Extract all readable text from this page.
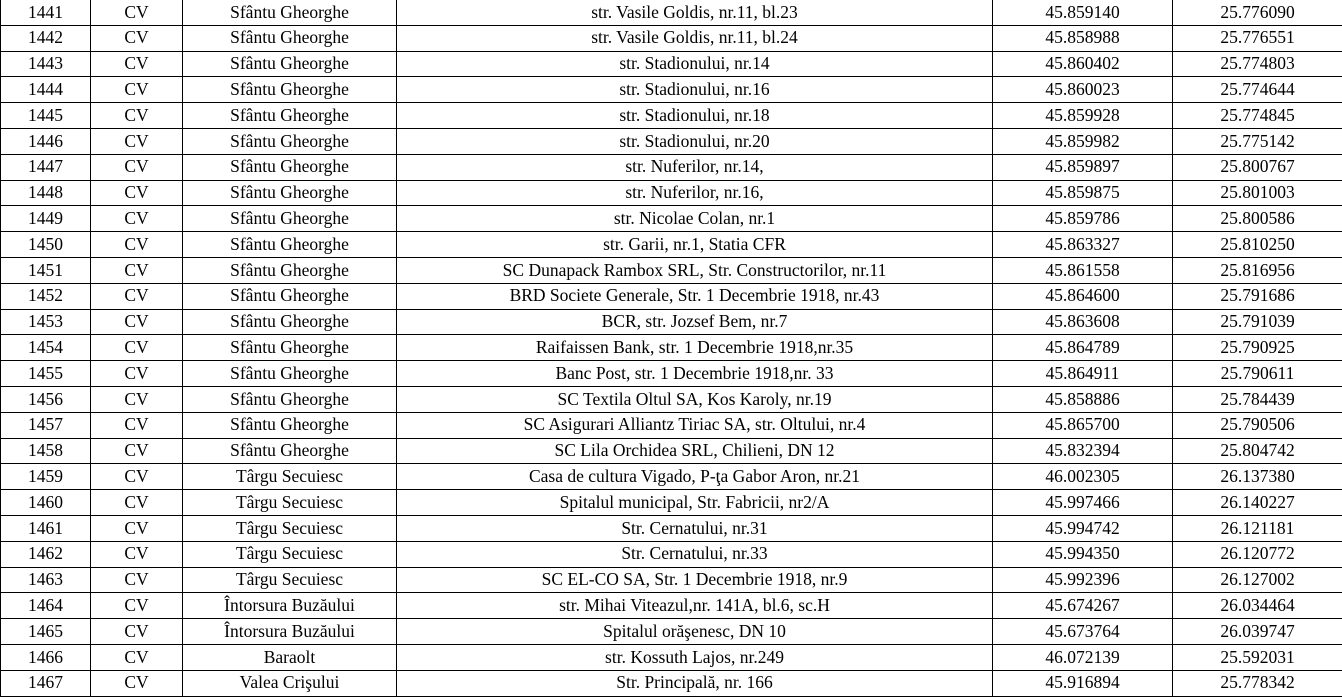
1441	CV	Sfântu Gheorghe	str. Vasile Goldis, nr.11, bl.23	45.859140	25.776090
1442	CV	Sfântu Gheorghe	str. Vasile Goldis, nr.11, bl.24	45.858988	25.776551
1443	CV	Sfântu Gheorghe	str. Stadionului, nr.14	45.860402	25.774803
1444	CV	Sfântu Gheorghe	str. Stadionului, nr.16	45.860023	25.774644
1445	CV	Sfântu Gheorghe	str. Stadionului, nr.18	45.859928	25.774845
1446	CV	Sfântu Gheorghe	str. Stadionului, nr.20	45.859982	25.775142
1447	CV	Sfântu Gheorghe	str. Nuferilor, nr.14,	45.859897	25.800767
1448	CV	Sfântu Gheorghe	str. Nuferilor, nr.16,	45.859875	25.801003
1449	CV	Sfântu Gheorghe	str. Nicolae Colan, nr.1	45.859786	25.800586
1450	CV	Sfântu Gheorghe	str. Garii, nr.1, Statia CFR	45.863327	25.810250
1451	CV	Sfântu Gheorghe	SC Dunapack Rambox SRL, Str. Constructorilor, nr.11	45.861558	25.816956
1452	CV	Sfântu Gheorghe	BRD Societe Generale, Str. 1 Decembrie 1918, nr.43	45.864600	25.791686
1453	CV	Sfântu Gheorghe	BCR, str. Jozsef Bem, nr.7	45.863608	25.791039
1454	CV	Sfântu Gheorghe	Raifaissen Bank, str. 1 Decembrie 1918,nr.35	45.864789	25.790925
1455	CV	Sfântu Gheorghe	Banc Post, str. 1 Decembrie 1918,nr. 33	45.864911	25.790611
1456	CV	Sfântu Gheorghe	SC Textila Oltul SA, Kos Karoly, nr.19	45.858886	25.784439
1457	CV	Sfântu Gheorghe	SC Asigurari Alliantz Tiriac SA, str. Oltului, nr.4	45.865700	25.790506
1458	CV	Sfântu Gheorghe	SC Lila Orchidea SRL, Chilieni, DN 12	45.832394	25.804742
1459	CV	Târgu Secuiesc	Casa de cultura Vigado, P-ţa Gabor Aron, nr.21	46.002305	26.137380
1460	CV	Târgu Secuiesc	Spitalul municipal, Str. Fabricii, nr2/A	45.997466	26.140227
1461	CV	Târgu Secuiesc	Str. Cernatului, nr.31	45.994742	26.121181
1462	CV	Târgu Secuiesc	Str. Cernatului, nr.33	45.994350	26.120772
1463	CV	Târgu Secuiesc	SC EL-CO SA, Str. 1 Decembrie 1918, nr.9	45.992396	26.127002
1464	CV	Întorsura Buzăului	str. Mihai Viteazul,nr. 141A, bl.6, sc.H	45.674267	26.034464
1465	CV	Întorsura Buzăului	Spitalul orăşenesc, DN 10	45.673764	26.039747
1466	CV	Baraolt	str. Kossuth Lajos, nr.249	46.072139	25.592031
1467	CV	Valea Crişului	Str. Principală, nr. 166	45.916894	25.778342
